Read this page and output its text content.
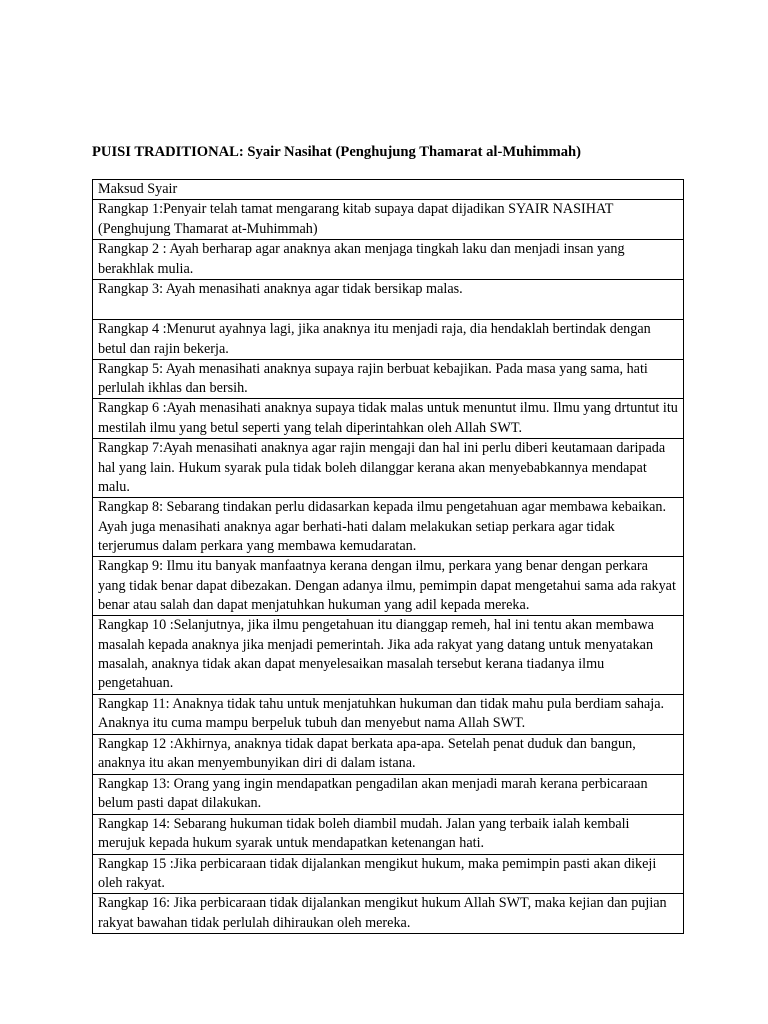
PUISI TRADITIONAL: Syair Nasihat (Penghujung Thamarat al-Muhimmah)
Maksud Syair
Rangkap 1:Penyair telah tamat mengarang kitab supaya dapat dijadikan SYAIR NASIHAT (Penghujung Thamarat at-Muhimmah)
Rangkap 2 : Ayah berharap agar anaknya akan menjaga tingkah laku dan menjadi insan yang berakhlak mulia.
Rangkap 3: Ayah menasihati anaknya agar tidak bersikap malas.
Rangkap 4 :Menurut ayahnya lagi, jika anaknya itu menjadi raja, dia hendaklah bertindak dengan betul dan rajin bekerja.
Rangkap 5: Ayah menasihati anaknya supaya rajin berbuat kebajikan. Pada masa yang sama, hati perlulah ikhlas dan bersih.
Rangkap 6 :Ayah menasihati anaknya supaya tidak malas untuk menuntut ilmu. Ilmu yang drtuntut itu mestilah ilmu yang betul seperti yang telah diperintahkan oleh Allah SWT.
Rangkap 7:Ayah menasihati anaknya agar rajin mengaji dan hal ini perlu diberi keutamaan daripada hal yang lain. Hukum syarak pula tidak boleh dilanggar kerana akan menyebabkannya mendapat malu.
Rangkap 8: Sebarang tindakan perlu didasarkan kepada ilmu pengetahuan agar membawa kebaikan. Ayah juga menasihati anaknya agar berhati-hati dalam melakukan setiap perkara agar tidak terjerumus dalam perkara yang membawa kemudaratan.
Rangkap 9: Ilmu itu banyak manfaatnya kerana dengan ilmu, perkara yang benar dengan perkara yang tidak benar dapat dibezakan. Dengan adanya ilmu, pemimpin dapat mengetahui sama ada rakyat benar atau salah dan dapat menjatuhkan hukuman yang adil kepada mereka.
Rangkap 10 :Selanjutnya, jika ilmu pengetahuan itu dianggap remeh, hal ini tentu akan membawa masalah kepada anaknya jika menjadi pemerintah. Jika ada rakyat yang datang untuk menyatakan masalah, anaknya tidak akan dapat menyelesaikan masalah tersebut kerana tiadanya ilmu pengetahuan.
Rangkap 11: Anaknya tidak tahu untuk menjatuhkan hukuman dan tidak mahu pula berdiam sahaja. Anaknya itu cuma mampu berpeluk tubuh dan menyebut nama Allah SWT.
Rangkap 12 :Akhirnya, anaknya tidak dapat berkata apa-apa. Setelah penat duduk dan bangun, anaknya itu akan menyembunyikan diri di dalam istana.
Rangkap 13: Orang yang ingin mendapatkan pengadilan akan menjadi marah kerana perbicaraan belum pasti dapat dilakukan.
Rangkap 14: Sebarang hukuman tidak boleh diambil mudah. Jalan yang terbaik ialah kembali merujuk kepada hukum syarak untuk mendapatkan ketenangan hati.
Rangkap 15 :Jika perbicaraan tidak dijalankan mengikut hukum, maka pemimpin pasti akan dikeji oleh rakyat.
Rangkap 16: Jika perbicaraan tidak dijalankan mengikut hukum Allah SWT, maka kejian dan pujian rakyat bawahan tidak perlulah dihiraukan oleh mereka.
